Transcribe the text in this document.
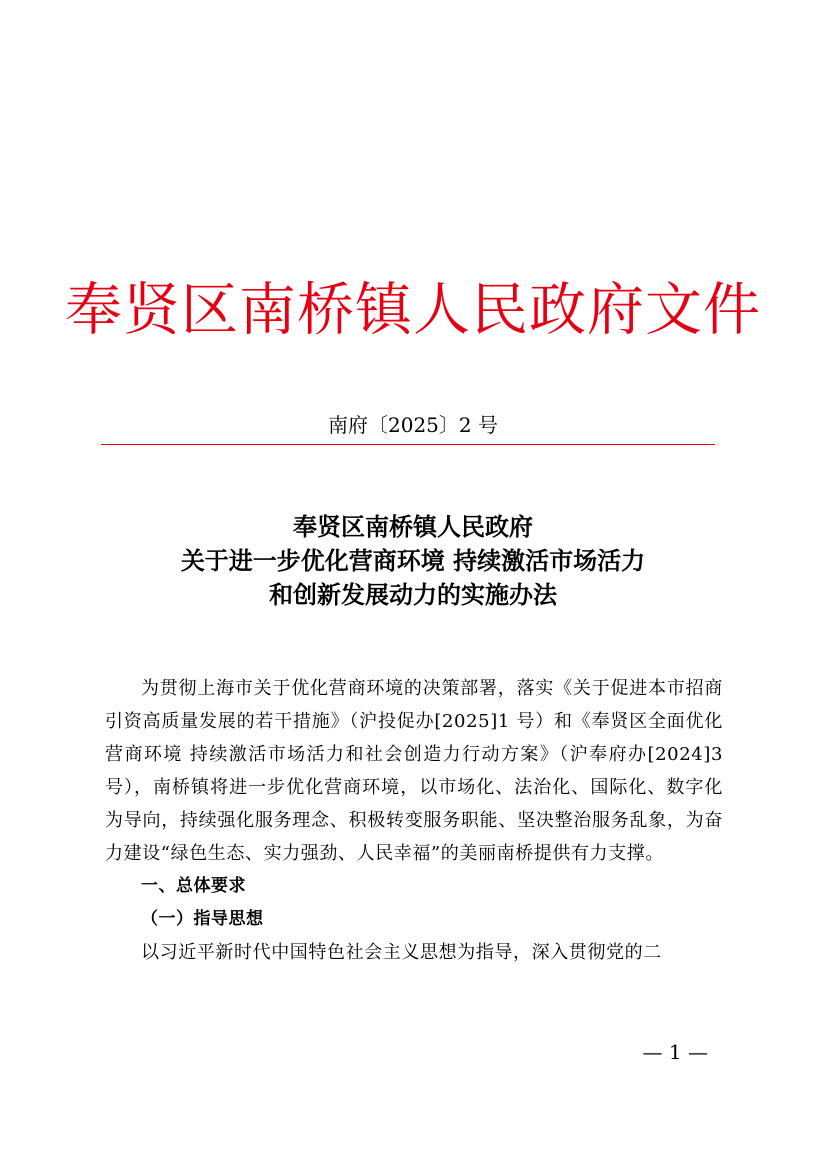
奉贤区南桥镇人民政府文件
南府〔2025〕2 号
奉贤区南桥镇人民政府
关于进一步优化营商环境 持续激活市场活力
和创新发展动力的实施办法

为贯彻上海市关于优化营商环境的决策部署，落实《关于促进本市招商引资高质量发展的若干措施》（沪投促办[2025]1 号）和《奉贤区全面优化营商环境 持续激活市场活力和社会创造力行动方案》（沪奉府办[2024]3 号），南桥镇将进一步优化营商环境，以市场化、法治化、国际化、数字化为导向，持续强化服务理念、积极转变服务职能、坚决整治服务乱象，为奋力建设“绿色生态、实力强劲、人民幸福”的美丽南桥提供有力支撑。

一、总体要求

（一）指导思想

以习近平新时代中国特色社会主义思想为指导，深入贯彻党的二

— 1 —
